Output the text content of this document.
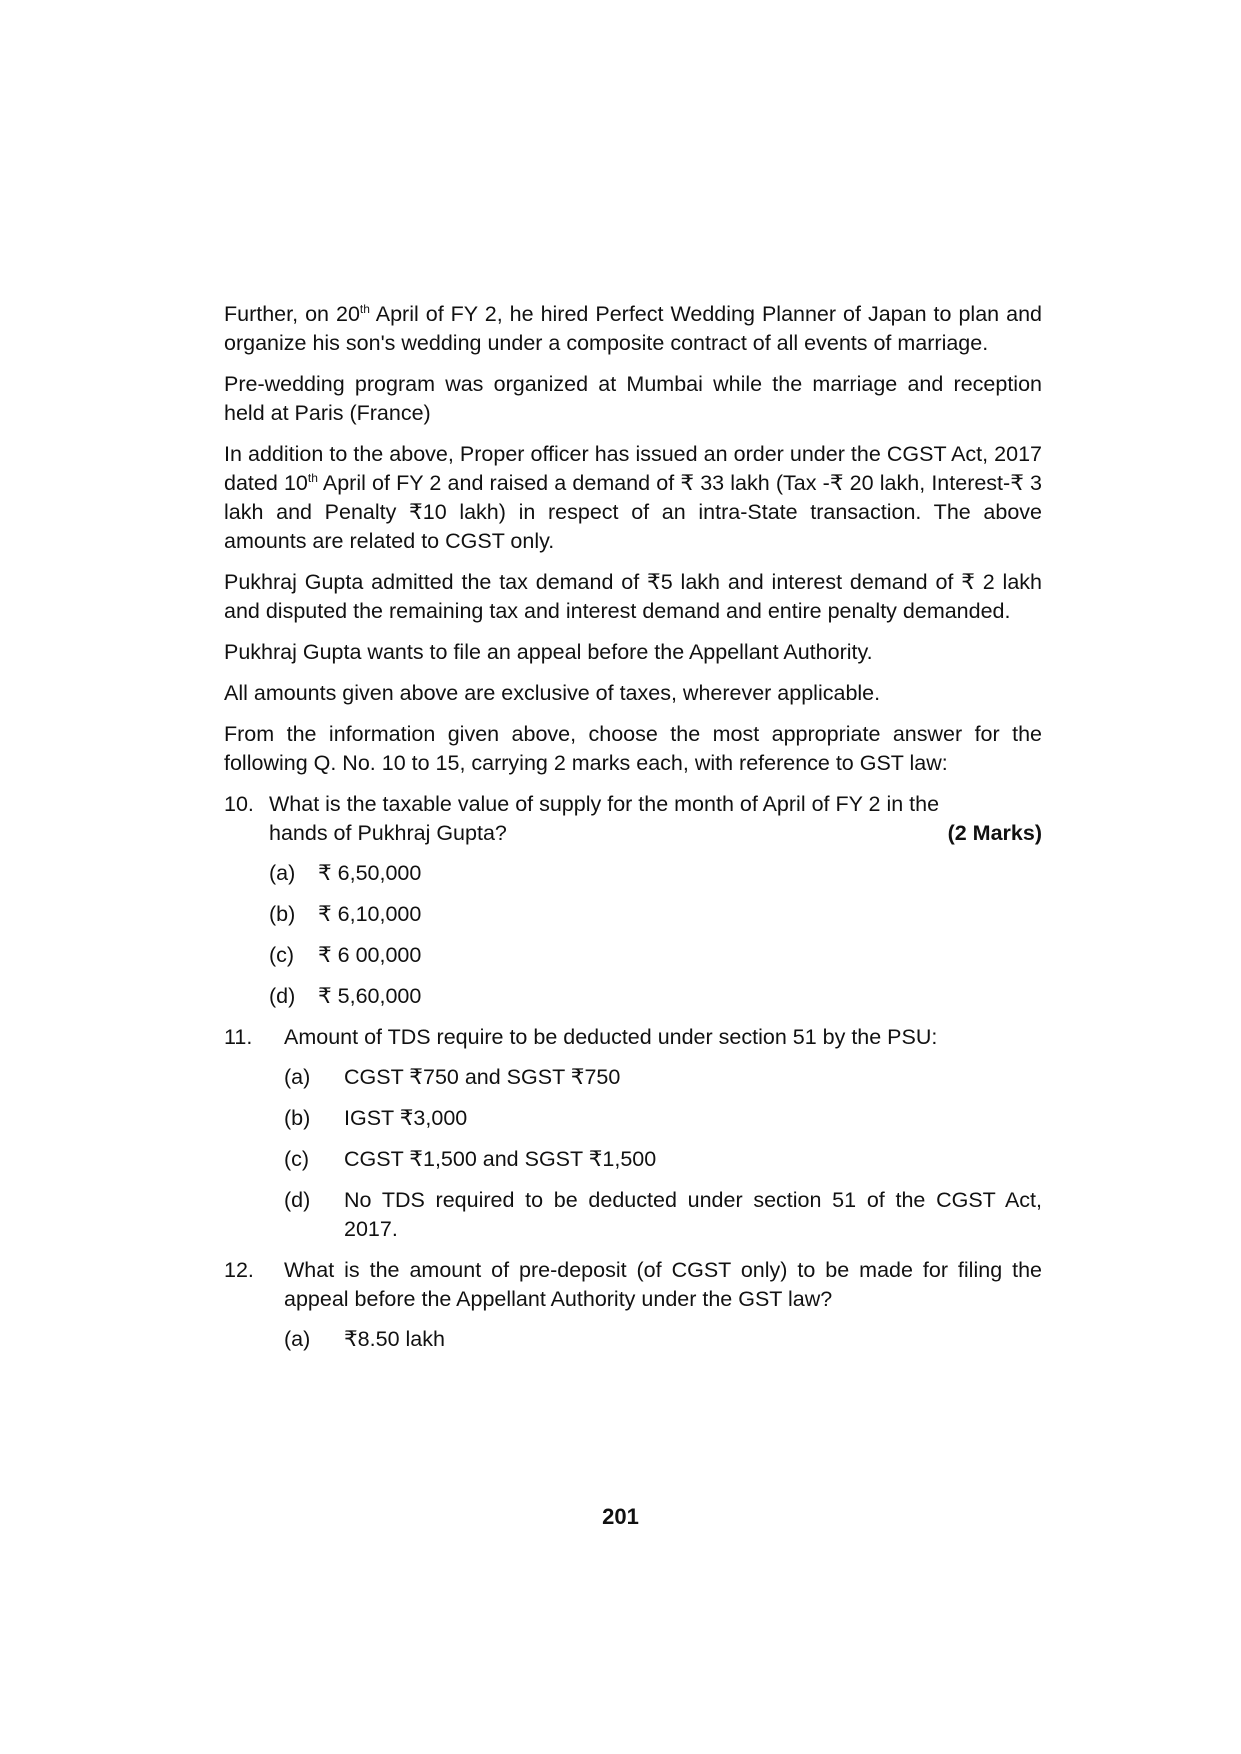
Further, on 20th April of FY 2, he hired Perfect Wedding Planner of Japan to plan and organize his son's wedding under a composite contract of all events of marriage.

Pre-wedding program was organized at Mumbai while the marriage and reception held at Paris (France)

In addition to the above, Proper officer has issued an order under the CGST Act, 2017 dated 10th April of FY 2 and raised a demand of ₹ 33 lakh (Tax -₹ 20 lakh, Interest-₹ 3 lakh and Penalty ₹10 lakh) in respect of an intra-State transaction. The above amounts are related to CGST only.

Pukhraj Gupta admitted the tax demand of ₹5 lakh and interest demand of ₹ 2 lakh and disputed the remaining tax and interest demand and entire penalty demanded.

Pukhraj Gupta wants to file an appeal before the Appellant Authority.

All amounts given above are exclusive of taxes, wherever applicable.

From the information given above, choose the most appropriate answer for the following Q. No. 10 to 15, carrying 2 marks each, with reference to GST law:

10. What is the taxable value of supply for the month of April of FY 2 in the
hands of Pukhraj Gupta?	(2 Marks)
(a) ₹ 6,50,000
(b) ₹ 6,10,000
(c) ₹ 6 00,000
(d) ₹ 5,60,000
11. Amount of TDS require to be deducted under section 51 by the PSU:
(a) CGST ₹750 and SGST ₹750
(b) IGST ₹3,000
(c) CGST ₹1,500 and SGST ₹1,500
(d) No TDS required to be deducted under section 51 of the CGST Act, 2017.
12. What is the amount of pre-deposit (of CGST only) to be made for filing the appeal before the Appellant Authority under the GST law?
(a) ₹8.50 lakh
201
